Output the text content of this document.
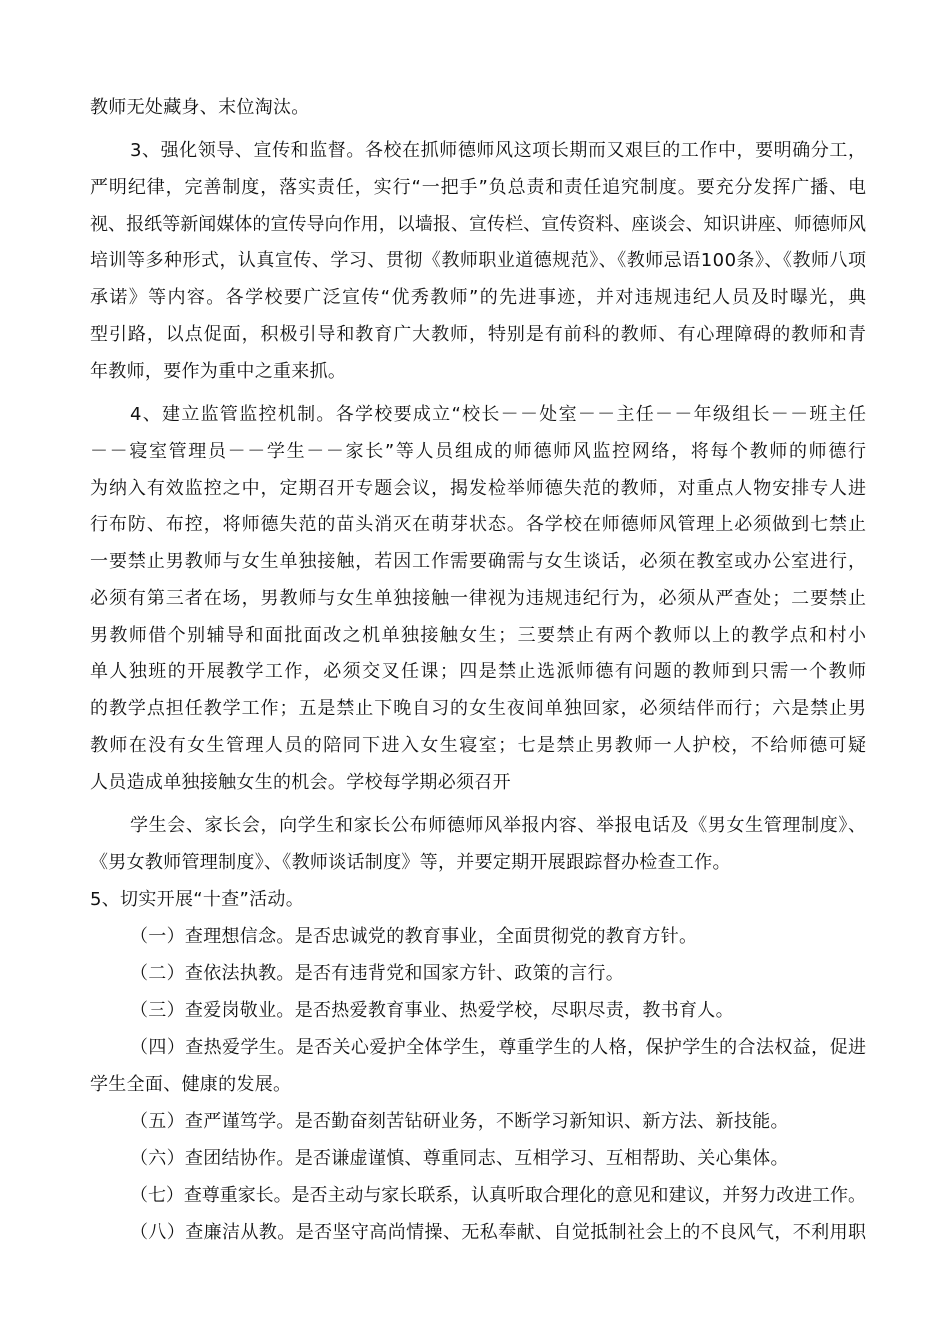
教师无处藏身、末位淘汰。
3、强化领导、宣传和监督。各校在抓师德师风这项长期而又艰巨的工作中，要明确分工，
严明纪律，完善制度，落实责任，实行“一把手”负总责和责任追究制度。要充分发挥广播、电
视、报纸等新闻媒体的宣传导向作用，以墙报、宣传栏、宣传资料、座谈会、知识讲座、师德师风
培训等多种形式，认真宣传、学习、贯彻《教师职业道德规范》、《教师忌语100条》、《教师八项
承诺》等内容。各学校要广泛宣传“优秀教师”的先进事迹，并对违规违纪人员及时曝光，典
型引路，以点促面，积极引导和教育广大教师，特别是有前科的教师、有心理障碍的教师和青
年教师，要作为重中之重来抓。
4、建立监管监控机制。各学校要成立“校长－－处室－－主任－－年级组长－－班主任
－－寝室管理员－－学生－－家长”等人员组成的师德师风监控网络，将每个教师的师德行
为纳入有效监控之中，定期召开专题会议，揭发检举师德失范的教师，对重点人物安排专人进
行布防、布控，将师德失范的苗头消灭在萌芽状态。各学校在师德师风管理上必须做到七禁止
一要禁止男教师与女生单独接触，若因工作需要确需与女生谈话，必须在教室或办公室进行，
必须有第三者在场，男教师与女生单独接触一律视为违规违纪行为，必须从严查处；二要禁止
男教师借个别辅导和面批面改之机单独接触女生；三要禁止有两个教师以上的教学点和村小
单人独班的开展教学工作，必须交叉任课；四是禁止选派师德有问题的教师到只需一个教师
的教学点担任教学工作；五是禁止下晚自习的女生夜间单独回家，必须结伴而行；六是禁止男
教师在没有女生管理人员的陪同下进入女生寝室；七是禁止男教师一人护校，不给师德可疑
人员造成单独接触女生的机会。学校每学期必须召开
学生会、家长会，向学生和家长公布师德师风举报内容、举报电话及《男女生管理制度》、
《男女教师管理制度》、《教师谈话制度》等，并要定期开展跟踪督办检查工作。
5、切实开展“十查”活动。
（一）查理想信念。是否忠诚党的教育事业，全面贯彻党的教育方针。
（二）查依法执教。是否有违背党和国家方针、政策的言行。
（三）查爱岗敬业。是否热爱教育事业、热爱学校，尽职尽责，教书育人。
（四）查热爱学生。是否关心爱护全体学生，尊重学生的人格，保护学生的合法权益，促进
学生全面、健康的发展。
（五）查严谨笃学。是否勤奋刻苦钻研业务，不断学习新知识、新方法、新技能。
（六）查团结协作。是否谦虚谨慎、尊重同志、互相学习、互相帮助、关心集体。
（七）查尊重家长。是否主动与家长联系，认真听取合理化的意见和建议，并努力改进工作。
（八）查廉洁从教。是否坚守高尚情操、无私奉献、自觉抵制社会上的不良风气，不利用职
